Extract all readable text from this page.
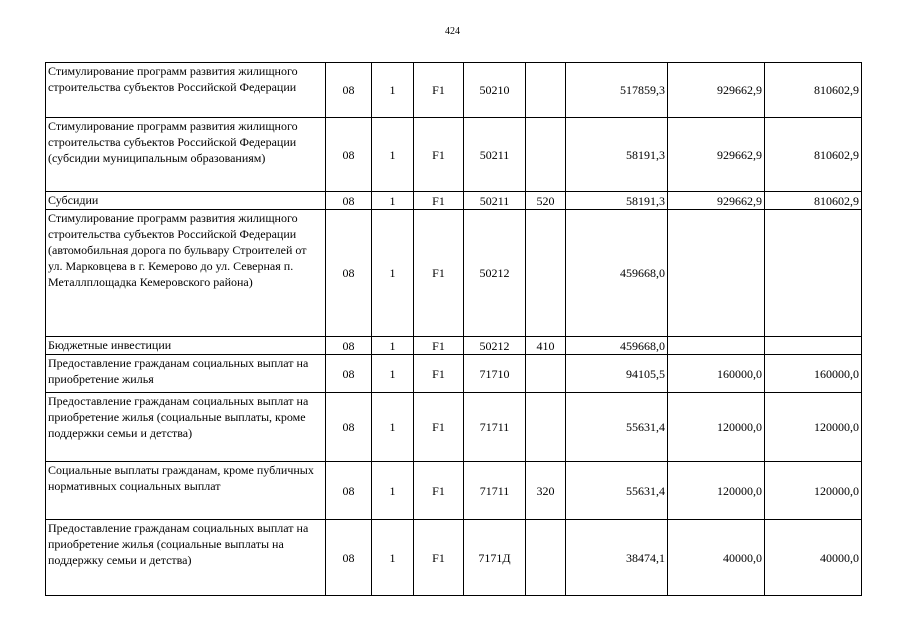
424
Стимулирование программ развития жилищного строительства субъектов Российской Федерации	08	1	F1	50210		517859,3	929662,9	810602,9
Стимулирование программ развития жилищного строительства субъектов Российской Федерации (субсидии муниципальным образованиям)	08	1	F1	50211		58191,3	929662,9	810602,9
Субсидии	08	1	F1	50211	520	58191,3	929662,9	810602,9
Стимулирование программ развития жилищного строительства субъектов Российской Федерации (автомобильная дорога по бульвару Строителей от ул. Марковцева в г. Кемерово до ул. Северная п. Металлплощадка Кемеровского района)	08	1	F1	50212		459668,0		
Бюджетные инвестиции	08	1	F1	50212	410	459668,0		
Предоставление гражданам социальных выплат на приобретение жилья	08	1	F1	71710		94105,5	160000,0	160000,0
Предоставление гражданам социальных выплат на приобретение жилья (социальные выплаты, кроме поддержки семьи и детства)	08	1	F1	71711		55631,4	120000,0	120000,0
Социальные выплаты гражданам, кроме публичных нормативных социальных выплат	08	1	F1	71711	320	55631,4	120000,0	120000,0
Предоставление гражданам социальных выплат на приобретение жилья (социальные выплаты на поддержку семьи и детства)	08	1	F1	7171Д		38474,1	40000,0	40000,0
